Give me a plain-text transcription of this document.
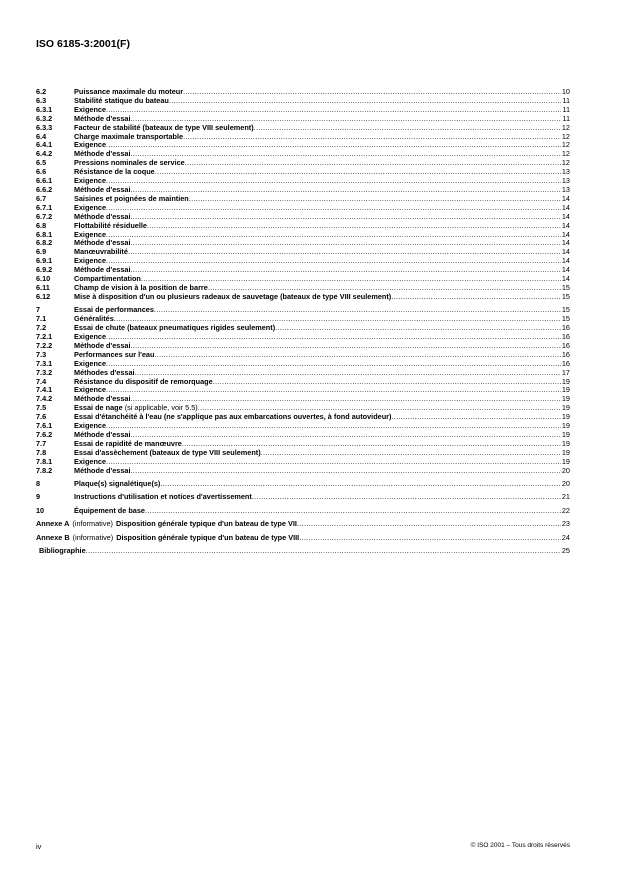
ISO 6185-3:2001(F)
6.2	Puissance maximale du moteur .....	10
6.3	Stabilité statique du bateau .....	11
6.3.1	Exigence .....	11
6.3.2	Méthode d'essai .....	11
6.3.3	Facteur de stabilité (bateaux de type VIII seulement) .....	12
6.4	Charge maximale transportable .....	12
6.4.1	Exigence .....	12
6.4.2	Méthode d'essai .....	12
6.5	Pressions nominales de service .....	12
6.6	Résistance de la coque .....	13
6.6.1	Exigence .....	13
6.6.2	Méthode d'essai .....	13
6.7	Saisines et poignées de maintien .....	14
6.7.1	Exigence .....	14
6.7.2	Méthode d'essai .....	14
6.8	Flottabilité résiduelle .....	14
6.8.1	Exigence .....	14
6.8.2	Méthode d'essai .....	14
6.9	Manœuvrabilité .....	14
6.9.1	Exigence .....	14
6.9.2	Méthode d'essai .....	14
6.10	Compartimentation .....	14
6.11	Champ de vision à la position de barre .....	15
6.12	Mise à disposition d'un ou plusieurs radeaux de sauvetage (bateaux de type VIII seulement) .....	15
7	Essai de performances .....	15
7.1	Généralités .....	15
7.2	Essai de chute (bateaux pneumatiques rigides seulement) .....	16
7.2.1	Exigence .....	16
7.2.2	Méthode d'essai .....	16
7.3	Performances sur l'eau .....	16
7.3.1	Exigence .....	16
7.3.2	Méthodes d'essai .....	17
7.4	Résistance du dispositif de remorquage .....	19
7.4.1	Exigence .....	19
7.4.2	Méthode d'essai .....	19
7.5	Essai de nage (si applicable, voir 5.5) .....	19
7.6	Essai d'étanchéité à l'eau (ne s'applique pas aux embarcations ouvertes, à fond autovideur) .....	19
7.6.1	Exigence .....	19
7.6.2	Méthode d'essai .....	19
7.7	Essai de rapidité de manœuvre .....	19
7.8	Essai d'assèchement (bateaux de type VIII seulement) .....	19
7.8.1	Exigence .....	19
7.8.2	Méthode d'essai .....	20
8	Plaque(s) signalétique(s) .....	20
9	Instructions d'utilisation et notices d'avertissement .....	21
10	Équipement de base .....	22
Annexe A (informative) Disposition générale typique d'un bateau de type VII .....	23
Annexe B (informative) Disposition générale typique d'un bateau de type VIII .....	24
Bibliographie .....	25
iv	© ISO 2001 – Tous droits réservés
